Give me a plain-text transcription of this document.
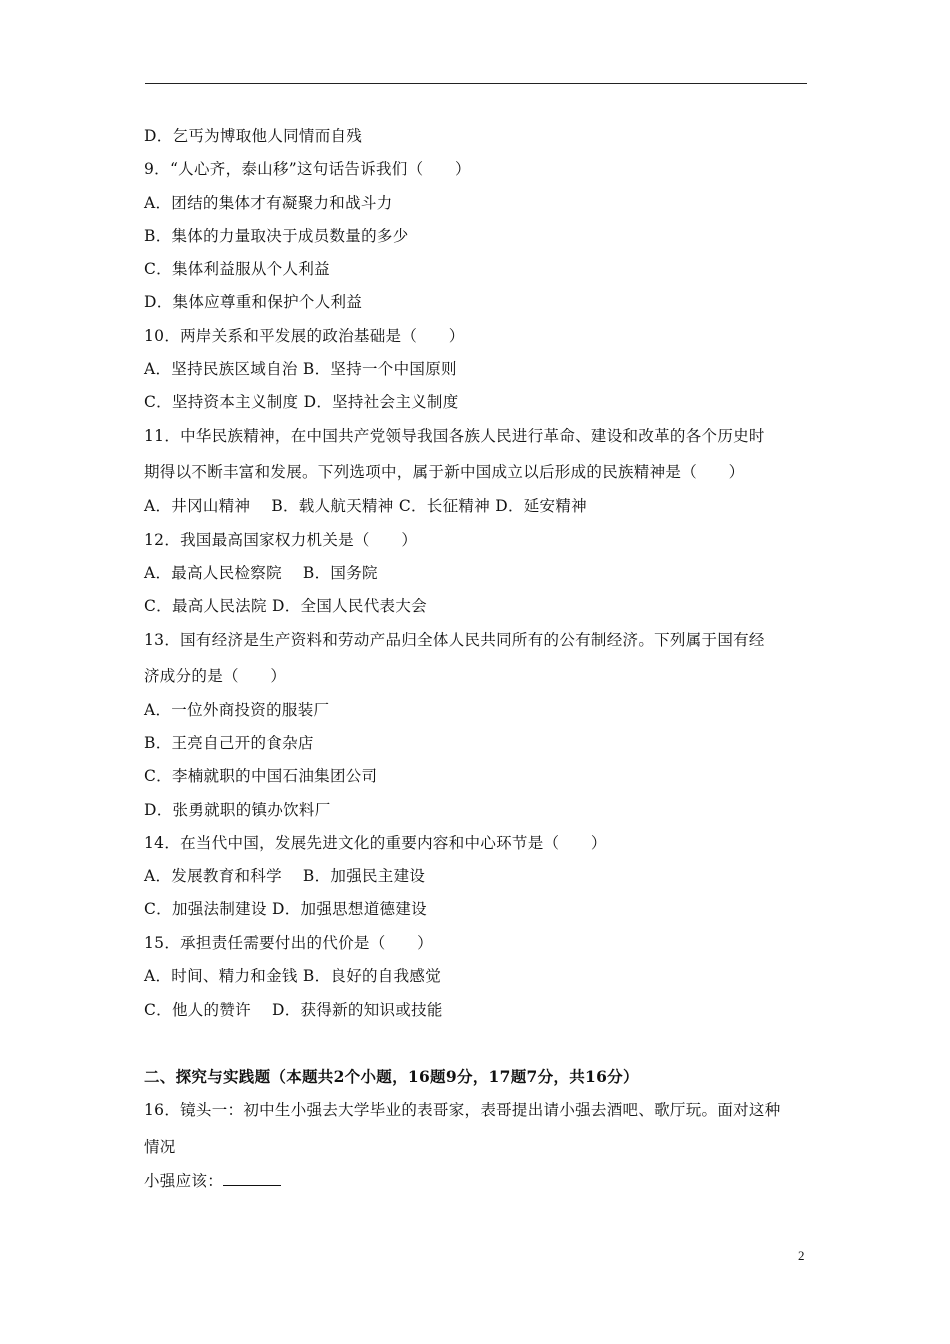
D．乞丐为博取他人同情而自残
9．“人心齐，泰山移”这句话告诉我们（　　）
A．团结的集体才有凝聚力和战斗力
B．集体的力量取决于成员数量的多少
C．集体利益服从个人利益
D．集体应尊重和保护个人利益
10．两岸关系和平发展的政治基础是（　　）
A．坚持民族区域自治 B．坚持一个中国原则
C．坚持资本主义制度 D．坚持社会主义制度
11．中华民族精神，在中国共产党领导我国各族人民进行革命、建设和改革的各个历史时
期得以不断丰富和发展。下列选项中，属于新中国成立以后形成的民族精神是（　　）
A．井冈山精神　 B．载人航天精神 C．长征精神 D．延安精神
12．我国最高国家权力机关是（　　）
A．最高人民检察院　 B．国务院
C．最高人民法院 D．全国人民代表大会
13．国有经济是生产资料和劳动产品归全体人民共同所有的公有制经济。下列属于国有经
济成分的是（　　）
A．一位外商投资的服装厂
B．王亮自己开的食杂店
C．李楠就职的中国石油集团公司
D．张勇就职的镇办饮料厂
14．在当代中国，发展先进文化的重要内容和中心环节是（　　）
A．发展教育和科学　 B．加强民主建设
C．加强法制建设 D．加强思想道德建设
15．承担责任需要付出的代价是（　　）
A．时间、精力和金钱 B．良好的自我感觉
C．他人的赞许　 D．获得新的知识或技能
二、探究与实践题（本题共2个小题，16题9分，17题7分，共16分）
16．镜头一：初中生小强去大学毕业的表哥家，表哥提出请小强去酒吧、歌厅玩。面对这种
情况
小强应该：
2
